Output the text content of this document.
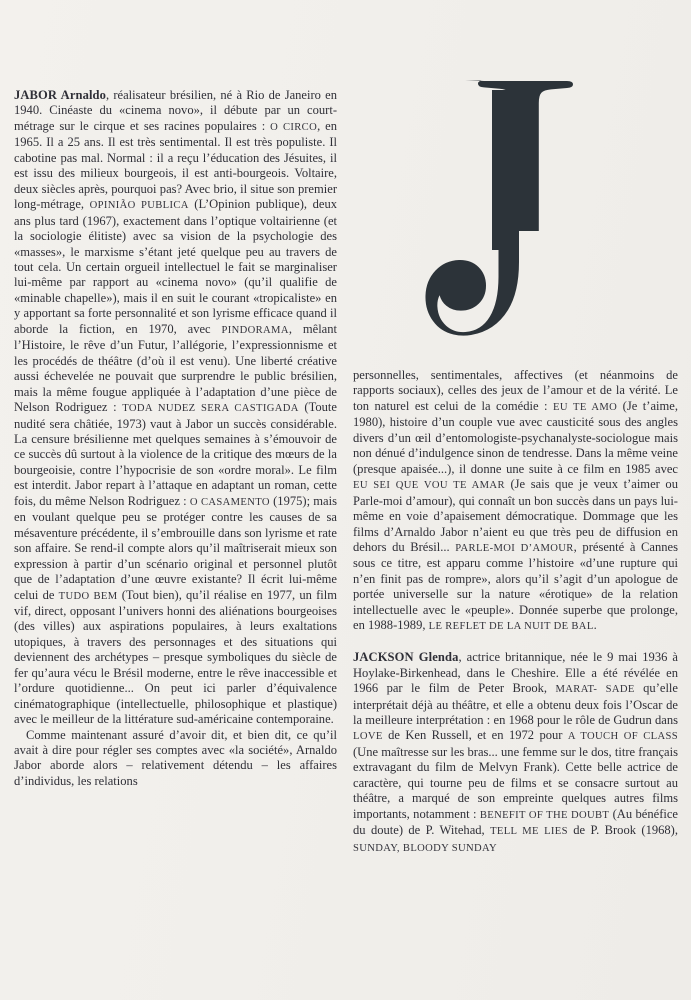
JABOR Arnaldo, réalisateur brésilien, né à Rio de Janeiro en 1940. Cinéaste du «cinema novo», il débute par un court-métrage sur le cirque et ses racines populaires : O CIRCO, en 1965. Il a 25 ans. Il est très sentimental. Il est très populiste. Il cabotine pas mal. Normal : il a reçu l’éducation des Jésuites, il est issu des milieux bourgeois, il est anti-bourgeois. Voltaire, deux siècles après, pourquoi pas? Avec brio, il situe son premier long-métrage, OPINIÃO PUBLICA (L’Opinion publique), deux ans plus tard (1967), exactement dans l’optique voltairienne (et la sociologie élitiste) avec sa vision de la psychologie des «masses», le marxisme s’étant jeté quelque peu au travers de tout cela. Un certain orgueil intellectuel le fait se marginaliser lui-même par rapport au «cinema novo» (qu’il qualifie de «minable chapelle»), mais il en suit le courant «tropicaliste» en y apportant sa forte personnalité et son lyrisme efficace quand il aborde la fiction, en 1970, avec PINDORAMA, mêlant l’Histoire, le rêve d’un Futur, l’allégorie, l’expressionnisme et les procédés de théâtre (d’où il est venu). Une liberté créative aussi échevelée ne pouvait que surprendre le public brésilien, mais la même fougue appliquée à l’adaptation d’une pièce de Nelson Rodriguez : TODA NUDEZ SERA CASTIGADA (Toute nudité sera châtiée, 1973) vaut à Jabor un succès considérable. La censure brésilienne met quelques semaines à s’émouvoir de ce succès dû surtout à la violence de la critique des mœurs de la bourgeoisie, contre l’hypocrisie de son «ordre moral». Le film est interdit. Jabor repart à l’attaque en adaptant un roman, cette fois, du même Nelson Rodriguez : O CASAMENTO (1975); mais en voulant quelque peu se protéger contre les causes de sa mésaventure précédente, il s’embrouille dans son lyrisme et rate son affaire. Se rend-il compte alors qu’il maîtriserait mieux son expression à partir d’un scénario original et personnel plutôt que de l’adaptation d’une œuvre existante? Il écrit lui-même celui de TUDO BEM (Tout bien), qu’il réalise en 1977, un film vif, direct, opposant l’univers honni des aliénations bourgeoises (des villes) aux aspirations populaires, à leurs exaltations utopiques, à travers des personnages et des situations qui deviennent des archétypes – presque symboliques du siècle de fer qu’aura vécu le Brésil moderne, entre le rêve inaccessible et l’ordure quotidienne... On peut ici parler d’équivalence cinématographique (intellectuelle, philosophique et plastique) avec le meilleur de la littérature sud-américaine contemporaine.

Comme maintenant assuré d’avoir dit, et bien dit, ce qu’il avait à dire pour régler ses comptes avec «la société», Arnaldo Jabor aborde alors – relativement détendu – les affaires d’individus, les relations

personnelles, sentimentales, affectives (et néanmoins de rapports sociaux), celles des jeux de l’amour et de la vérité. Le ton naturel est celui de la comédie : EU TE AMO (Je t’aime, 1980), histoire d’un couple vue avec causticité sous des angles divers d’un œil d’entomologiste-psychanalyste-sociologue mais non dénué d’indulgence sinon de tendresse. Dans la même veine (presque apaisée...), il donne une suite à ce film en 1985 avec EU SEI QUE VOU TE AMAR (Je sais que je veux t’aimer ou Parle-moi d’amour), qui connaît un bon succès dans un pays lui-même en voie d’apaisement démocratique. Dommage que les films d’Arnaldo Jabor n’aient eu que très peu de diffusion en dehors du Brésil... PARLE-MOI D’AMOUR, présenté à Cannes sous ce titre, est apparu comme l’histoire «d’une rupture qui n’en finit pas de rompre», alors qu’il s’agit d’un apologue de portée universelle sur la nature «érotique» de la relation intellectuelle avec le «peuple». Donnée superbe que prolonge, en 1988-1989, LE REFLET DE LA NUIT DE BAL.

JACKSON Glenda, actrice britannique, née le 9 mai 1936 à Hoylake-Birkenhead, dans le Cheshire. Elle a été révélée en 1966 par le film de Peter Brook, MARAT- SADE qu’elle interprétait déjà au théâtre, et elle a obtenu deux fois l’Oscar de la meilleure interprétation : en 1968 pour le rôle de Gudrun dans LOVE de Ken Russell, et en 1972 pour A TOUCH OF CLASS (Une maîtresse sur les bras... une femme sur le dos, titre français extravagant du film de Melvyn Frank). Cette belle actrice de caractère, qui tourne peu de films et se consacre surtout au théâtre, a marqué de son empreinte quelques autres films importants, notamment : BENEFIT OF THE DOUBT (Au bénéfice du doute) de P. Witehad, TELL ME LIES de P. Brook (1968), SUNDAY, BLOODY SUNDAY
